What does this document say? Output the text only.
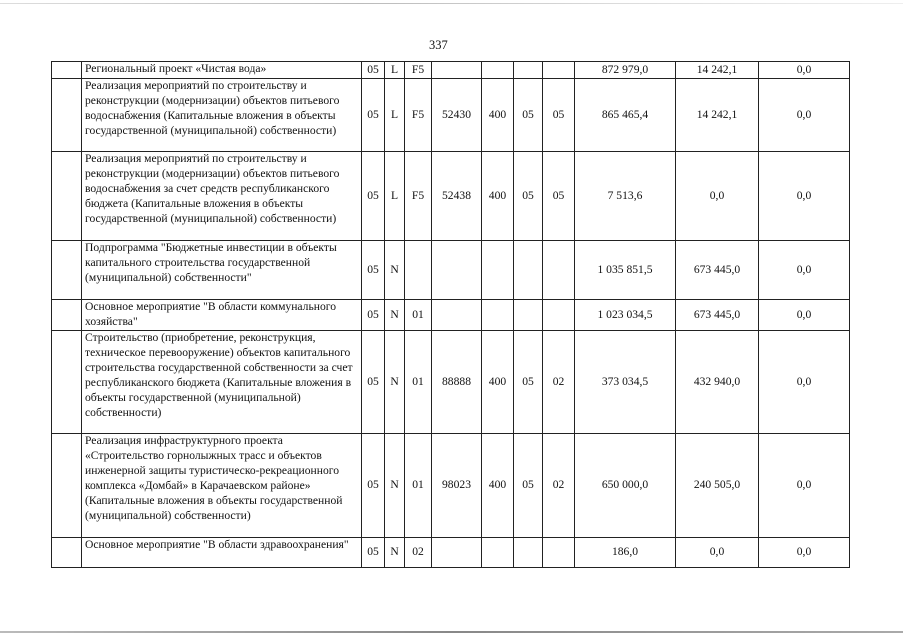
337
	Региональный проект «Чистая вода»	05	L	F5					872 979,0	14 242,1	0,0
	Реализация мероприятий по строительству и реконструкции (модернизации) объектов питьевого водоснабжения (Капитальные вложения в объекты государственной (муниципальной) собственности)	05	L	F5	52430	400	05	05	865 465,4	14 242,1	0,0
	Реализация мероприятий по строительству и реконструкции (модернизации) объектов питьевого водоснабжения за счет средств республиканского бюджета (Капитальные вложения в объекты государственной (муниципальной) собственности)	05	L	F5	52438	400	05	05	7 513,6	0,0	0,0
	Подпрограмма "Бюджетные инвестиции в объекты капитального строительства государственной (муниципальной) собственности"	05	N						1 035 851,5	673 445,0	0,0
	Основное мероприятие "В области коммунального хозяйства"	05	N	01					1 023 034,5	673 445,0	0,0
	Строительство (приобретение, реконструкция, техническое перевооружение) объектов капитального строительства государственной собственности за счет республиканского бюджета (Капитальные вложения в объекты государственной (муниципальной) собственности)	05	N	01	88888	400	05	02	373 034,5	432 940,0	0,0
	Реализация инфраструктурного проекта «Строительство горнолыжных трасс и объектов инженерной защиты туристическо-рекреационного комплекса «Домбай» в Карачаевском районе» (Капитальные вложения в объекты государственной (муниципальной) собственности)	05	N	01	98023	400	05	02	650 000,0	240 505,0	0,0
	Основное мероприятие "В области здравоохранения"	05	N	02					186,0	0,0	0,0
